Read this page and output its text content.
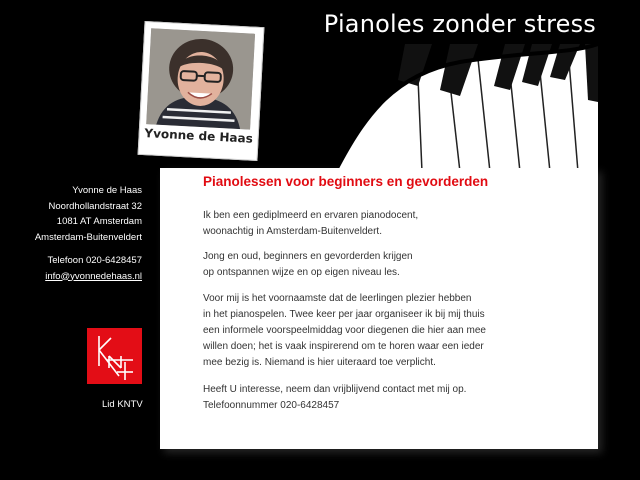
Pianoles zonder stress
Pianolessen voor beginners en gevorderden

Ik ben een gediplmeerd en ervaren pianodocent,
woonachtig in Amsterdam-Buitenveldert.

Jong en oud, beginners en gevorderden krijgen
op ontspannen wijze en op eigen niveau les.

Voor mij is het voornaamste dat de leerlingen plezier hebben
in het pianospelen. Twee keer per jaar organiseer ik bij mij thuis
een informele voorspeelmiddag voor diegenen die hier aan mee
willen doen; het is vaak inspirerend om te horen waar een ieder
mee bezig is. Niemand is hier uiteraard toe verplicht.

Heeft U interesse, neem dan vrijblijvend contact met mij op.
Telefoonnummer 020-6428457

Yvonne de Haas
Yvonne de Haas
Noordhollandstraat 32
1081 AT Amsterdam
Amsterdam-Buitenveldert
Telefoon 020-6428457
info@yvonnedehaas.nl
Lid KNTV
